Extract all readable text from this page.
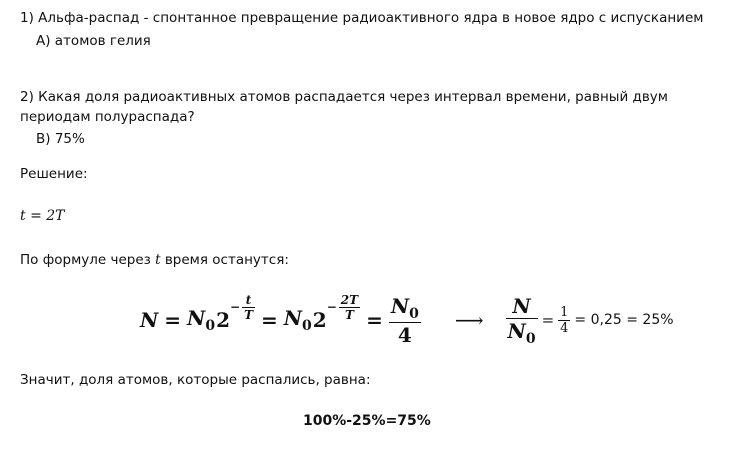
1) Альфа-распад - спонтанное превращение радиоактивного ядра в новое ядро с испусканием
А) атомов гелия
2) Какая доля радиоактивных атомов распадается через интервал времени, равный двум
периодам полураспада?
В) 75%
Решение:
t = 2T
По формуле через t время останутся:
$N = N_0$ 2
− $\frac{t}{T} = N_0$ 2
− $\frac{2T}{T} = \frac{N_0}{4}$ ⟶ $\frac{N}{N_0} = \frac{1}{4} = 0,25 = 25\%$
Значит, доля атомов, которые распались, равна:
100%-25%=75%
